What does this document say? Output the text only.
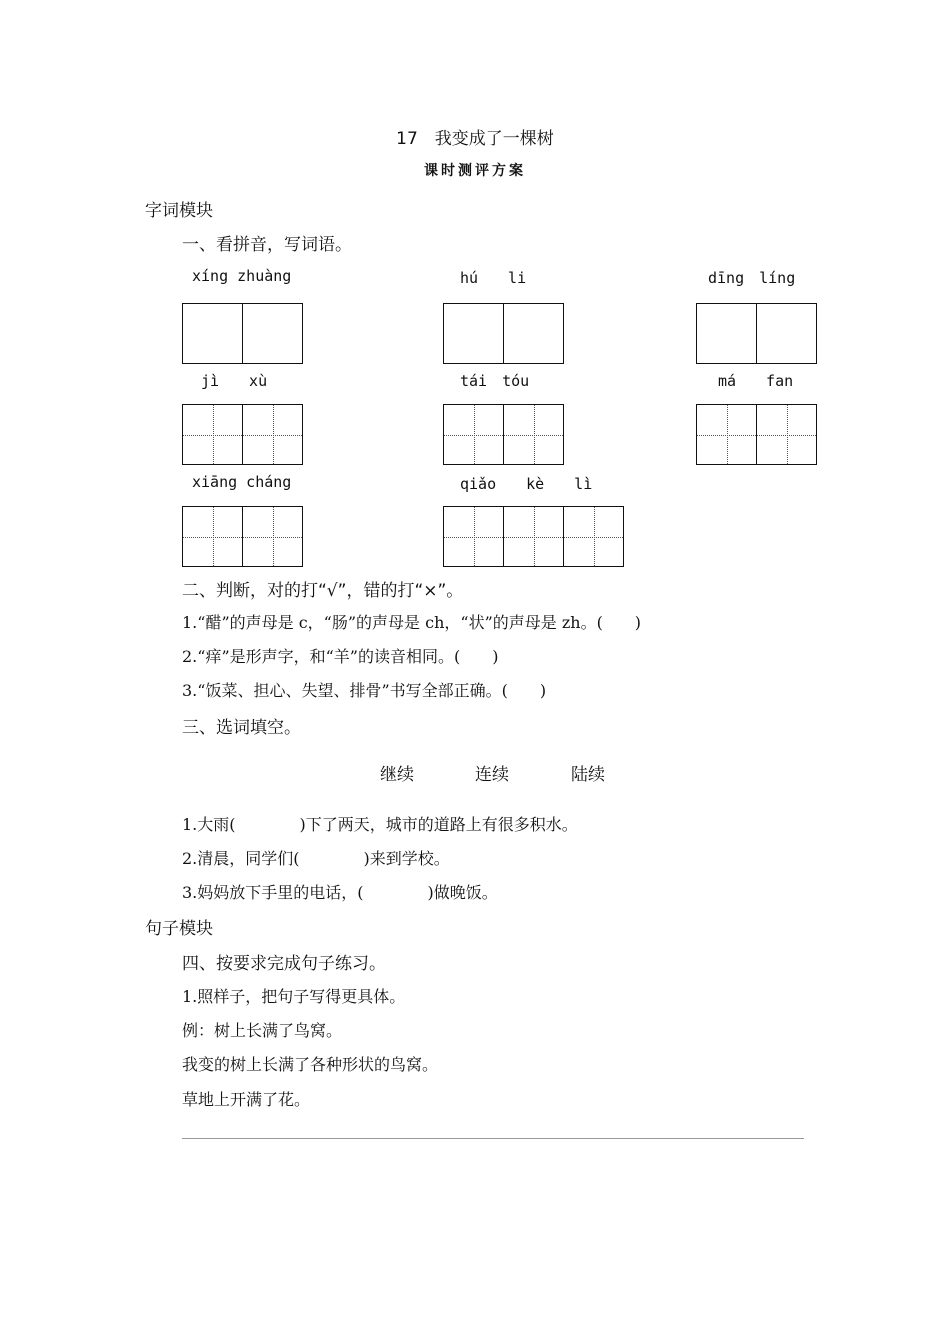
17　我变成了一棵树
课时测评方案
字词模块
一、看拼音，写词语。
xíng zhuàng	hú　　li	dīng　líng
jì　　xù	tái　tóu	má　　fan
xiāng cháng	qiǎo　　kè　　lì
二、判断，对的打“√”，错的打“×”。
1.“醋”的声母是 c，“肠”的声母是 ch，“状”的声母是 zh。(　　)
2.“痒”是形声字，和“羊”的读音相同。(　　)
3.“饭菜、担心、失望、排骨”书写全部正确。(　　)
三、选词填空。
继续	连续	陆续
1.大雨(　　　　)下了两天，城市的道路上有很多积水。
2.清晨，同学们(　　　　)来到学校。
3.妈妈放下手里的电话，(　　　　)做晚饭。
句子模块
四、按要求完成句子练习。
1.照样子，把句子写得更具体。
例：树上长满了鸟窝。
我变的树上长满了各种形状的鸟窝。
草地上开满了花。
